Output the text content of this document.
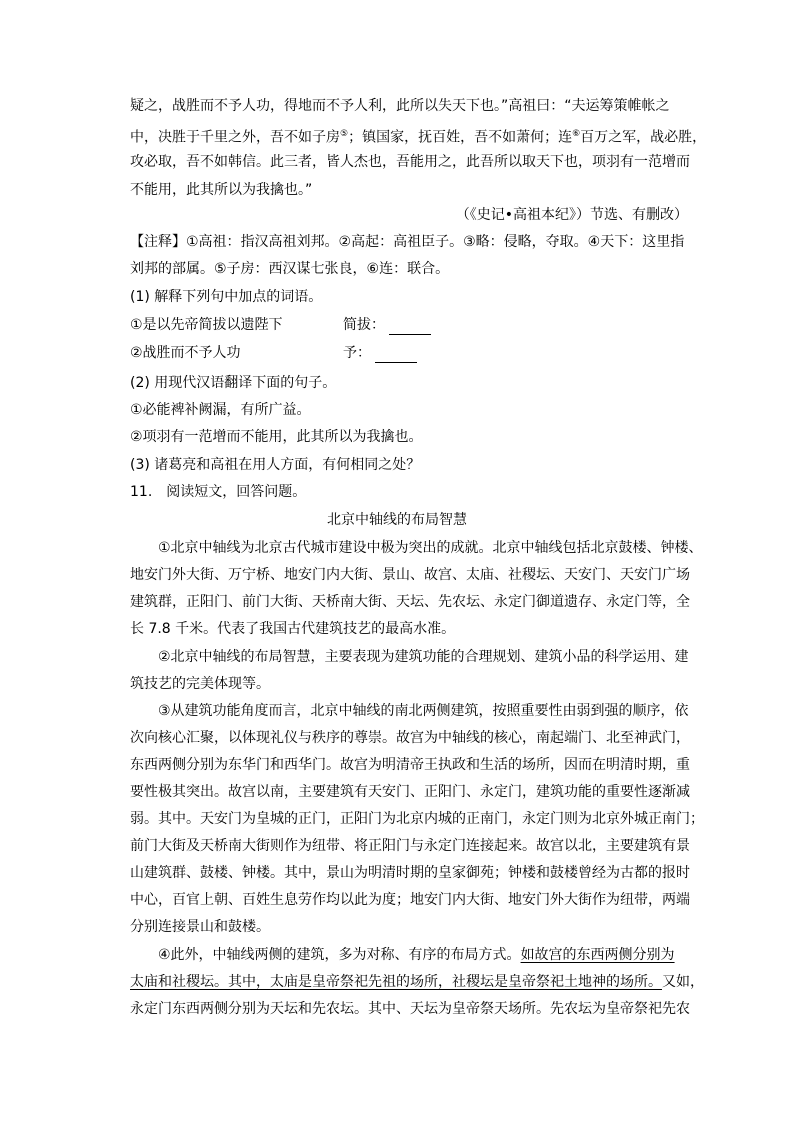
疑之，战胜而不予人功，得地而不予人利，此所以失天下也。”高祖曰：“夫运筹策帷帐之
中，决胜于千里之外，吾不如子房⑤；镇国家，抚百姓，吾不如萧何；连⑥百万之军，战必胜，
攻必取，吾不如韩信。此三者，皆人杰也，吾能用之，此吾所以取天下也，项羽有一范增而
不能用，此其所以为我擒也。”
（《史记•高祖本纪》）节选、有删改）
【注释】①高祖：指汉高祖刘邦。②高起：高祖臣子。③略：侵略，夺取。④天下：这里指
刘邦的部属。⑤子房：西汉谋七张良，⑥连：联合。
(1) 解释下列句中加点的词语。
①是以先帝简拔以遗陛下	简拔：
②战胜而不予人功	予：
(2) 用现代汉语翻译下面的句子。
①必能裨补阙漏，有所广益。
②项羽有一范增而不能用，此其所以为我擒也。
(3) 诸葛亮和高祖在用人方面，有何相同之处？
11.　阅读短文，回答问题。
北京中轴线的布局智慧
①北京中轴线为北京古代城市建设中极为突出的成就。北京中轴线包括北京鼓楼、钟楼、
地安门外大街、万宁桥、地安门内大街、景山、故宫、太庙、社稷坛、天安门、天安门广场
建筑群，正阳门、前门大街、天桥南大街、天坛、先农坛、永定门御道遗存、永定门等，全
长 7.8 千米。代表了我国古代建筑技艺的最高水准。
②北京中轴线的布局智慧，主要表现为建筑功能的合理规划、建筑小品的科学运用、建
筑技艺的完美体现等。
③从建筑功能角度而言，北京中轴线的南北两侧建筑，按照重要性由弱到强的顺序，依
次向核心汇聚，以体现礼仪与秩序的尊崇。故宫为中轴线的核心，南起端门、北至神武门，
东西两侧分别为东华门和西华门。故宫为明清帝王执政和生活的场所，因而在明清时期，重
要性极其突出。故宫以南，主要建筑有天安门、正阳门、永定门，建筑功能的重要性逐渐减
弱。其中。天安门为皇城的正门，正阳门为北京内城的正南门，永定门则为北京外城正南门；
前门大街及天桥南大街则作为纽带、将正阳门与永定门连接起来。故宫以北，主要建筑有景
山建筑群、鼓楼、钟楼。其中，景山为明清时期的皇家御苑；钟楼和鼓楼曾经为古都的报时
中心，百官上朝、百姓生息劳作均以此为度；地安门内大街、地安门外大街作为纽带，两端
分别连接景山和鼓楼。
④此外，中轴线两侧的建筑，多为对称、有序的布局方式。如故宫的东西两侧分别为
太庙和社稷坛。其中，太庙是皇帝祭祀先祖的场所，社稷坛是皇帝祭祀土地神的场所。又如，
永定门东西两侧分别为天坛和先农坛。其中、天坛为皇帝祭天场所。先农坛为皇帝祭祀先农
